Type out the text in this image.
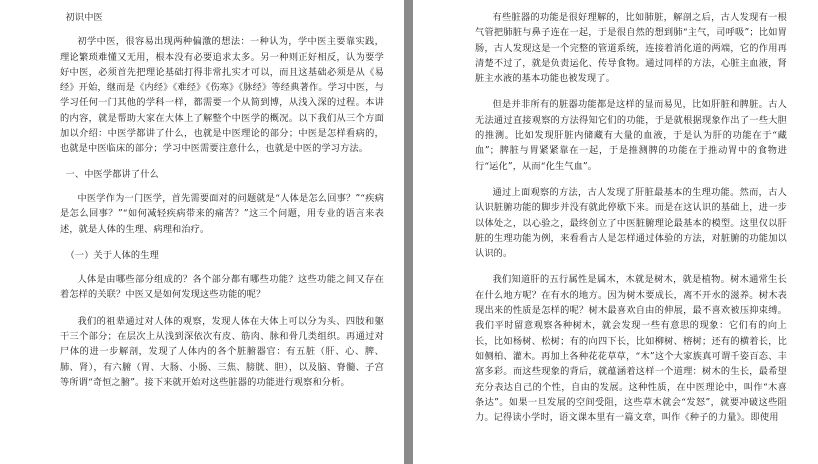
初识中医

初学中医，很容易出现两种偏激的想法：一种认为，学中医主要靠实践，理论繁琐难懂又无用，根本没有必要追求太多。另一种则正好相反，认为要学好中医，必须首先把理论基础打得非常扎实才可以，而且这基础必须是从《易经》开始，继而是《内经》《难经》《伤寒》《脉经》等经典著作。学习中医，与学习任何一门其他的学科一样，都需要一个从简到博，从浅入深的过程。本讲的内容，就是帮助大家在大体上了解整个中医学的概况。以下我们从三个方面加以介绍：中医学都讲了什么，也就是中医理论的部分；中医是怎样看病的，也就是中医临床的部分；学习中医需要注意什么，也就是中医的学习方法。

一、中医学都讲了什么

中医学作为一门医学，首先需要面对的问题就是“人体是怎么回事？”“疾病是怎么回事？”“如何减轻疾病带来的痛苦？”这三个问题，用专业的语言来表述，就是人体的生理、病理和治疗。

（一）关于人体的生理

人体是由哪些部分组成的？各个部分都有哪些功能？这些功能之间又存在着怎样的关联？中医又是如何发现这些功能的呢？

我们的祖辈通过对人体的观察，发现人体在大体上可以分为头、四肢和躯干三个部分；在层次上从浅到深依次有皮、筋肉、脉和骨几类组织。再通过对尸体的进一步解剖，发现了人体内的各个脏腑器官：有五脏（肝、心、脾、肺、肾），有六腑（胃、大肠、小肠、三焦、膀胱、胆），以及脑、脊髓、子宫等所谓“奇恒之腑”。接下来就开始对这些脏器的功能进行观察和分析。

有些脏器的功能是很好理解的，比如肺脏，解剖之后，古人发现有一根气管把肺脏与鼻子连在一起，于是很自然的想到肺“主气，司呼吸”；比如胃肠，古人发现这是一个完整的管道系统，连接着消化道的两端，它的作用再清楚不过了，就是负责运化、传导食物。通过同样的方法，心脏主血液，肾脏主水液的基本功能也被发现了。

但是并非所有的脏器功能都是这样的显而易见，比如肝脏和脾脏。古人无法通过直接观察的方法得知它们的功能，于是就根据现象作出了一些大胆的推测。比如发现肝脏内储藏有大量的血液，于是认为肝的功能在于“藏血”；脾脏与胃紧紧靠在一起，于是推测脾的功能在于推动胃中的食物进行“运化”，从而“化生气血”。

通过上面观察的方法，古人发现了肝脏最基本的生理功能。然而，古人认识脏腑功能的脚步并没有就此停歇下来。而是在这认识的基础上，进一步以体处之，以心验之，最终创立了中医脏腑理论最基本的模型。这里仅以肝脏的生理功能为例，来看看古人是怎样通过体验的方法，对脏腑的功能加以认识的。

我们知道肝的五行属性是属木，木就是树木，就是植物。树木通常生长在什么地方呢？在有水的地方。因为树木要成长，离不开水的滋养。树木表现出来的性质是怎样的呢？树木最喜欢自由的伸展，最不喜欢被压抑束缚。我们平时留意观察各种树木，就会发现一些有意思的现象：它们有的向上长，比如杨树、松树；有的向四下长，比如柳树、榕树；还有的横着长，比如侧柏、灌木。再加上各种花花草草，“木”这个大家族真可谓千姿百态、丰富多彩。而这些现象的背后，就蕴涵着这样一个道理：树木的生长，最希望充分表达自己的个性，自由的发展。这种性质，在中医理论中，叫作“木喜条达”。如果一旦发展的空间受阻，这些草木就会“发怒”，就要冲破这些阻力。记得读小学时，语文课本里有一篇文章，叫作《种子的力量》。即使用
